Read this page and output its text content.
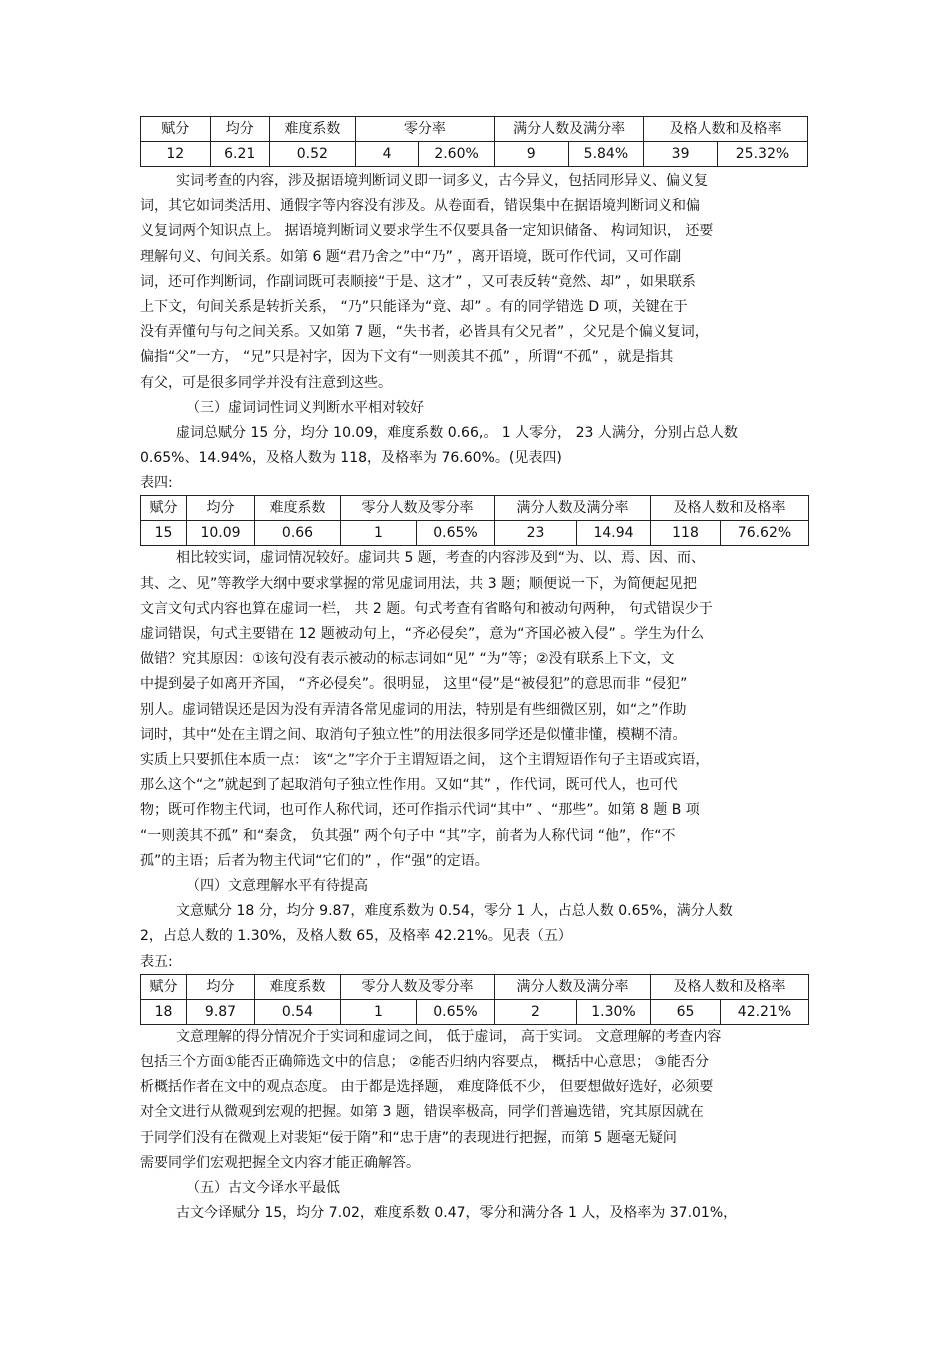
赋分	均分	难度系数	零分率		满分人数及满分率		及格人数和及格率	
12	6.21	0.52	4	2.60%	9	5.84%	39	25.32%

实词考查的内容，涉及据语境判断词义即一词多义，古今异义，包括同形异义、偏义复

词，其它如词类活用、通假字等内容没有涉及。从卷面看，错误集中在据语境判断词义和偏

义复词两个知识点上。 据语境判断词义要求学生不仅要具备一定知识储备、 构词知识， 还要

理解句义、句间关系。如第 6 题“君乃舍之”中“乃” ，离开语境，既可作代词，又可作副

词，还可作判断词，作副词既可表顺接“于是、这才” ，又可表反转“竟然、却” ，如果联系

上下文，句间关系是转折关系， “乃”只能译为“竟、却” 。有的同学错选 D 项，关键在于

没有弄懂句与句之间关系。又如第 7 题，“失书者，必皆具有父兄者” ，父兄是个偏义复词，

偏指“父”一方， “兄”只是衬字，因为下文有“一则羡其不孤” ，所谓“不孤” ，就是指其

有父，可是很多同学并没有注意到这些。

（三）虚词词性词义判断水平相对较好

虚词总赋分 15 分，均分 10.09，难度系数 0.66,。 1 人零分， 23 人满分，分别占总人数

0.65%、14.94%，及格人数为 118，及格率为 76.60%。(见表四)

表四:

赋分	均分	难度系数	零分人数及零分率		满分人数及满分率		及格人数和及格率	
15	10.09	0.66	1	0.65%	23	14.94	118	76.62%

相比较实词，虚词情况较好。虚词共 5 题，考查的内容涉及到“为、以、焉、因、而、

其、之、见”等教学大纲中要求掌握的常见虚词用法，共 3 题；顺便说一下，为简便起见把

文言文句式内容也算在虚词一栏， 共 2 题。句式考查有省略句和被动句两种， 句式错误少于

虚词错误，句式主要错在 12 题被动句上，“齐必侵矣”，意为“齐国必被入侵” 。学生为什么

做错？究其原因：①该句没有表示被动的标志词如“见” “为”等；②没有联系上下文，文

中提到晏子如离开齐国， “齐必侵矣”。很明显， 这里“侵”是“被侵犯”的意思而非 “侵犯”

别人。虚词错误还是因为没有弄清各常见虚词的用法，特别是有些细微区别，如“之”作助

词时，其中“处在主谓之间、取消句子独立性”的用法很多同学还是似懂非懂，模糊不清。

实质上只要抓住本质一点： 该“之”字介于主谓短语之间， 这个主谓短语作句子主语或宾语，

那么这个“之”就起到了起取消句子独立性作用。又如“其” ，作代词，既可代人，也可代

物；既可作物主代词，也可作人称代词，还可作指示代词“其中” 、“那些”。如第 8 题 B 项

“一则羡其不孤” 和“秦贪， 负其强” 两个句子中 “其”字，前者为人称代词 “他”，作“不

孤”的主语；后者为物主代词“它们的” ，作“强”的定语。

（四）文意理解水平有待提高

文意赋分 18 分，均分 9.87，难度系数为 0.54，零分 1 人，占总人数 0.65%，满分人数

2，占总人数的 1.30%，及格人数 65，及格率 42.21%。见表（五）

表五:

赋分	均分	难度系数	零分人数及零分率		满分人数及满分率		及格人数和及格率	
18	9.87	0.54	1	0.65%	2	1.30%	65	42.21%

文意理解的得分情况介于实词和虚词之间， 低于虚词， 高于实词。 文意理解的考查内容

包括三个方面①能否正确筛选文中的信息； ②能否归纳内容要点， 概括中心意思； ③能否分

析概括作者在文中的观点态度。 由于都是选择题， 难度降低不少， 但要想做好选好，必须要

对全文进行从微观到宏观的把握。如第 3 题，错误率极高，同学们普遍选错，究其原因就在

于同学们没有在微观上对裴矩“佞于隋”和“忠于唐”的表现进行把握，而第 5 题毫无疑问

需要同学们宏观把握全文内容才能正确解答。

（五）古文今译水平最低

古文今译赋分 15，均分 7.02，难度系数 0.47，零分和满分各 1 人，及格率为 37.01%，
